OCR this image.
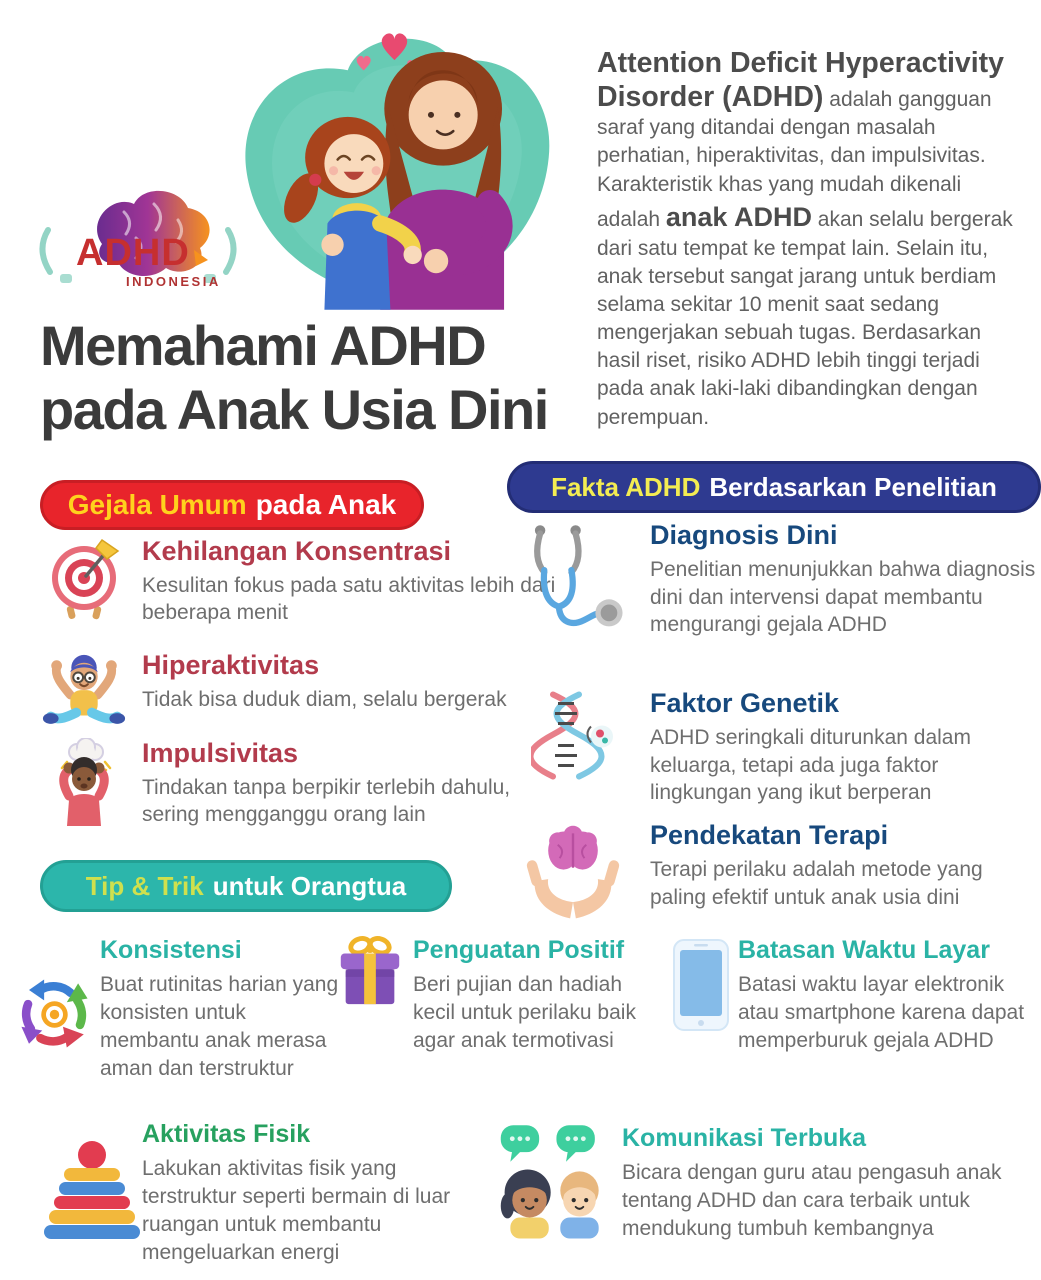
ADHD
INDONESIA

Attention Deficit Hyperactivity Disorder (ADHD) adalah gangguan saraf yang ditandai dengan masalah perhatian, hiperaktivitas, dan impulsivitas. Karakteristik khas yang mudah dikenali adalah anak ADHD akan selalu bergerak dari satu tempat ke tempat lain. Selain itu, anak tersebut sangat jarang untuk berdiam selama sekitar 10 menit saat sedang mengerjakan sebuah tugas. Berdasarkan hasil riset, risiko ADHD lebih tinggi terjadi pada anak laki-laki dibandingkan dengan perempuan.

Memahami ADHD
pada Anak Usia Dini
Gejala Umum pada Anak
Kehilangan Konsentrasi
Kesulitan fokus pada satu aktivitas lebih dari beberapa menit
Hiperaktivitas
Tidak bisa duduk diam, selalu bergerak
Impulsivitas
Tindakan tanpa berpikir terlebih dahulu, sering mengganggu orang lain
Fakta ADHD Berdasarkan Penelitian
Diagnosis Dini
Penelitian menunjukkan bahwa diagnosis dini dan intervensi dapat membantu mengurangi gejala ADHD
Faktor Genetik
ADHD seringkali diturunkan dalam keluarga, tetapi ada juga faktor lingkungan yang ikut berperan
Pendekatan Terapi
Terapi perilaku adalah metode yang paling efektif untuk anak usia dini
Tip & Trik untuk Orangtua
Konsistensi
Buat rutinitas harian yang konsisten untuk membantu anak merasa aman dan terstruktur
Penguatan Positif
Beri pujian dan hadiah kecil untuk perilaku baik agar anak termotivasi
Batasan Waktu Layar
Batasi waktu layar elektronik atau smartphone karena dapat memperburuk gejala ADHD
Aktivitas Fisik
Lakukan aktivitas fisik yang terstruktur seperti bermain di luar ruangan untuk membantu mengeluarkan energi
Komunikasi Terbuka
Bicara dengan guru atau pengasuh anak tentang ADHD dan cara terbaik untuk mendukung tumbuh kembangnya
